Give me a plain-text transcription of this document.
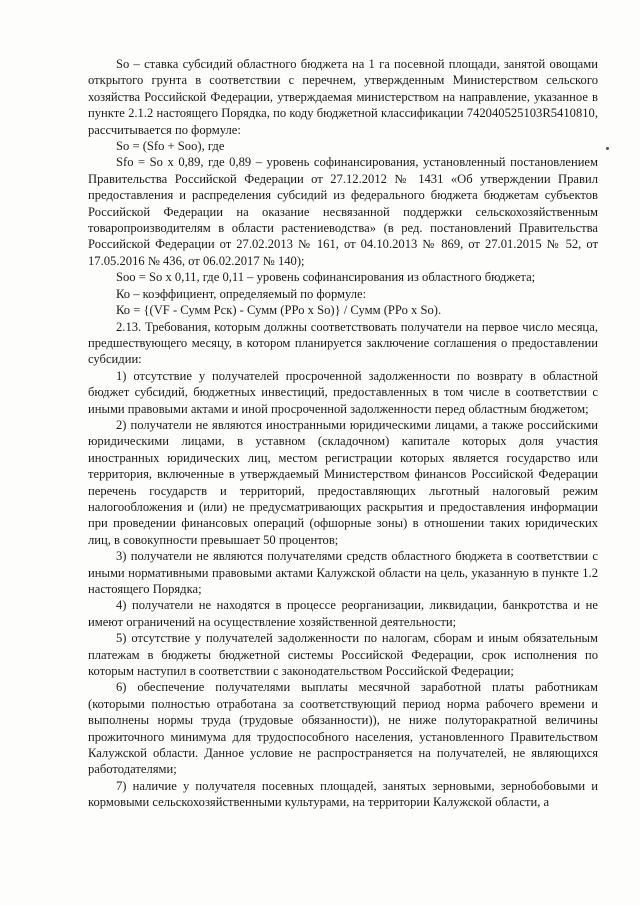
So – ставка субсидий областного бюджета на 1 га посевной площади, занятой овощами открытого грунта в соответствии с перечнем, утвержденным Министерством сельского хозяйства Российской Федерации, утверждаемая министерством на направление, указанное в пункте 2.1.2 настоящего Порядка, по коду бюджетной классификации 742040525103R5410810, рассчитывается по формуле:

So = (Sfo + Soo), где

Sfo = So х 0,89, где 0,89 – уровень софинансирования, установленный постановлением Правительства Российской Федерации от 27.12.2012 № 1431 «Об утверждении Правил предоставления и распределения субсидий из федерального бюджета бюджетам субъектов Российской Федерации на оказание несвязанной поддержки сельскохозяйственным товаропроизводителям в области растениеводства» (в ред. постановлений Правительства Российской Федерации от 27.02.2013 № 161, от 04.10.2013 № 869, от 27.01.2015 № 52, от 17.05.2016 № 436, от 06.02.2017 № 140);

Soo = So х 0,11, где 0,11 – уровень софинансирования из областного бюджета;

Ко – коэффициент, определяемый по формуле:

Ко = {(VF - Сумм Рск) - Сумм (РРо х So)} / Сумм (РРо х So).

2.13. Требования, которым должны соответствовать получатели на первое число месяца, предшествующего месяцу, в котором планируется заключение соглашения о предоставлении субсидии:

1) отсутствие у получателей просроченной задолженности по возврату в областной бюджет субсидий, бюджетных инвестиций, предоставленных в том числе в соответствии с иными правовыми актами и иной просроченной задолженности перед областным бюджетом;

2) получатели не являются иностранными юридическими лицами, а также российскими юридическими лицами, в уставном (складочном) капитале которых доля участия иностранных юридических лиц, местом регистрации которых является государство или территория, включенные в утверждаемый Министерством финансов Российской Федерации перечень государств и территорий, предоставляющих льготный налоговый режим налогообложения и (или) не предусматривающих раскрытия и предоставления информации при проведении финансовых операций (офшорные зоны) в отношении таких юридических лиц, в совокупности превышает 50 процентов;

3) получатели не являются получателями средств областного бюджета в соответствии с иными нормативными правовыми актами Калужской области на цель, указанную в пункте 1.2 настоящего Порядка;

4) получатели не находятся в процессе реорганизации, ликвидации, банкротства и не имеют ограничений на осуществление хозяйственной деятельности;

5) отсутствие у получателей задолженности по налогам, сборам и иным обязательным платежам в бюджеты бюджетной системы Российской Федерации, срок исполнения по которым наступил в соответствии с законодательством Российской Федерации;

6) обеспечение получателями выплаты месячной заработной платы работникам (которыми полностью отработана за соответствующий период норма рабочего времени и выполнены нормы труда (трудовые обязанности)), не ниже полуторакратной величины прожиточного минимума для трудоспособного населения, установленного Правительством Калужской области. Данное условие не распространяется на получателей, не являющихся работодателями;

7) наличие у получателя посевных площадей, занятых зерновыми, зернобобовыми и кормовыми сельскохозяйственными культурами, на территории Калужской области, а
